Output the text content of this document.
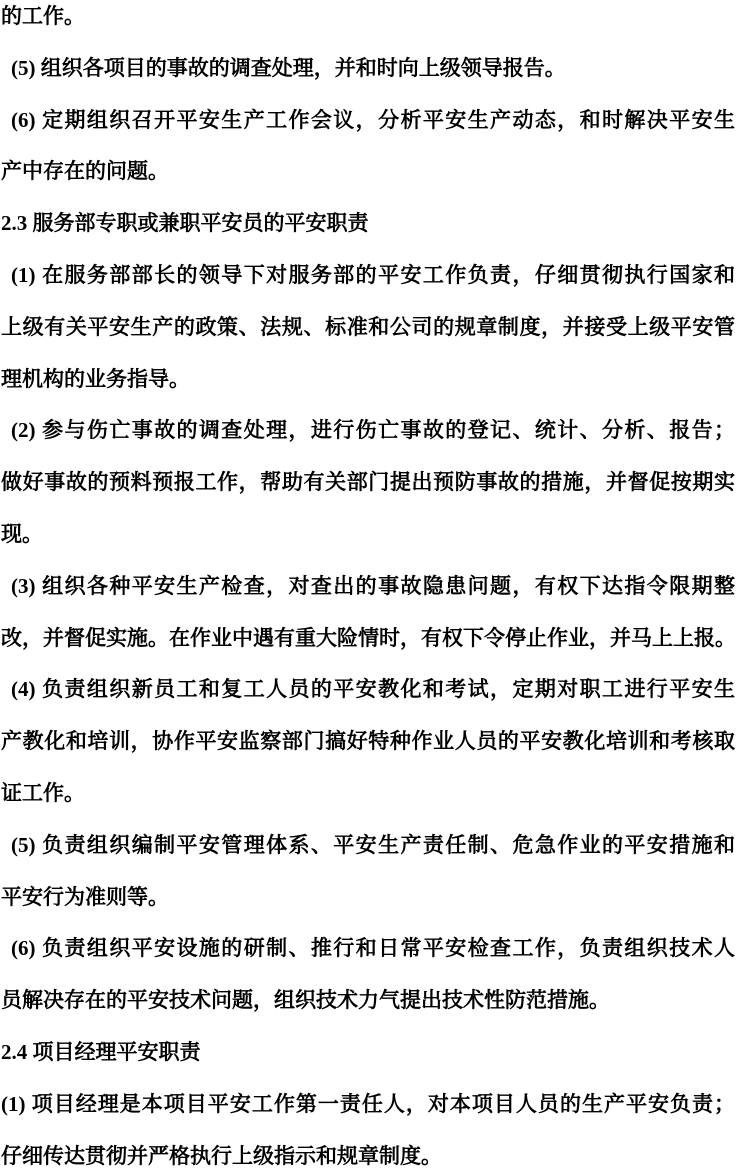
的工作。
(5) 组织各项目的事故的调查处理，并和时向上级领导报告。
(6) 定期组织召开平安生产工作会议，分析平安生产动态，和时解决平安生
产中存在的问题。
2.3 服务部专职或兼职平安员的平安职责
(1) 在服务部部长的领导下对服务部的平安工作负责，仔细贯彻执行国家和
上级有关平安生产的政策、法规、标准和公司的规章制度，并接受上级平安管
理机构的业务指导。
(2) 参与伤亡事故的调查处理，进行伤亡事故的登记、统计、分析、报告；
做好事故的预料预报工作，帮助有关部门提出预防事故的措施，并督促按期实
现。
(3) 组织各种平安生产检查，对查出的事故隐患问题，有权下达指令限期整
改，并督促实施。在作业中遇有重大险情时，有权下令停止作业，并马上上报。
(4) 负责组织新员工和复工人员的平安教化和考试，定期对职工进行平安生
产教化和培训，协作平安监察部门搞好特种作业人员的平安教化培训和考核取
证工作。
(5) 负责组织编制平安管理体系、平安生产责任制、危急作业的平安措施和
平安行为准则等。
(6) 负责组织平安设施的研制、推行和日常平安检查工作，负责组织技术人
员解决存在的平安技术问题，组织技术力气提出技术性防范措施。
2.4 项目经理平安职责
(1) 项目经理是本项目平安工作第一责任人，对本项目人员的生产平安负责；
仔细传达贯彻并严格执行上级指示和规章制度。
